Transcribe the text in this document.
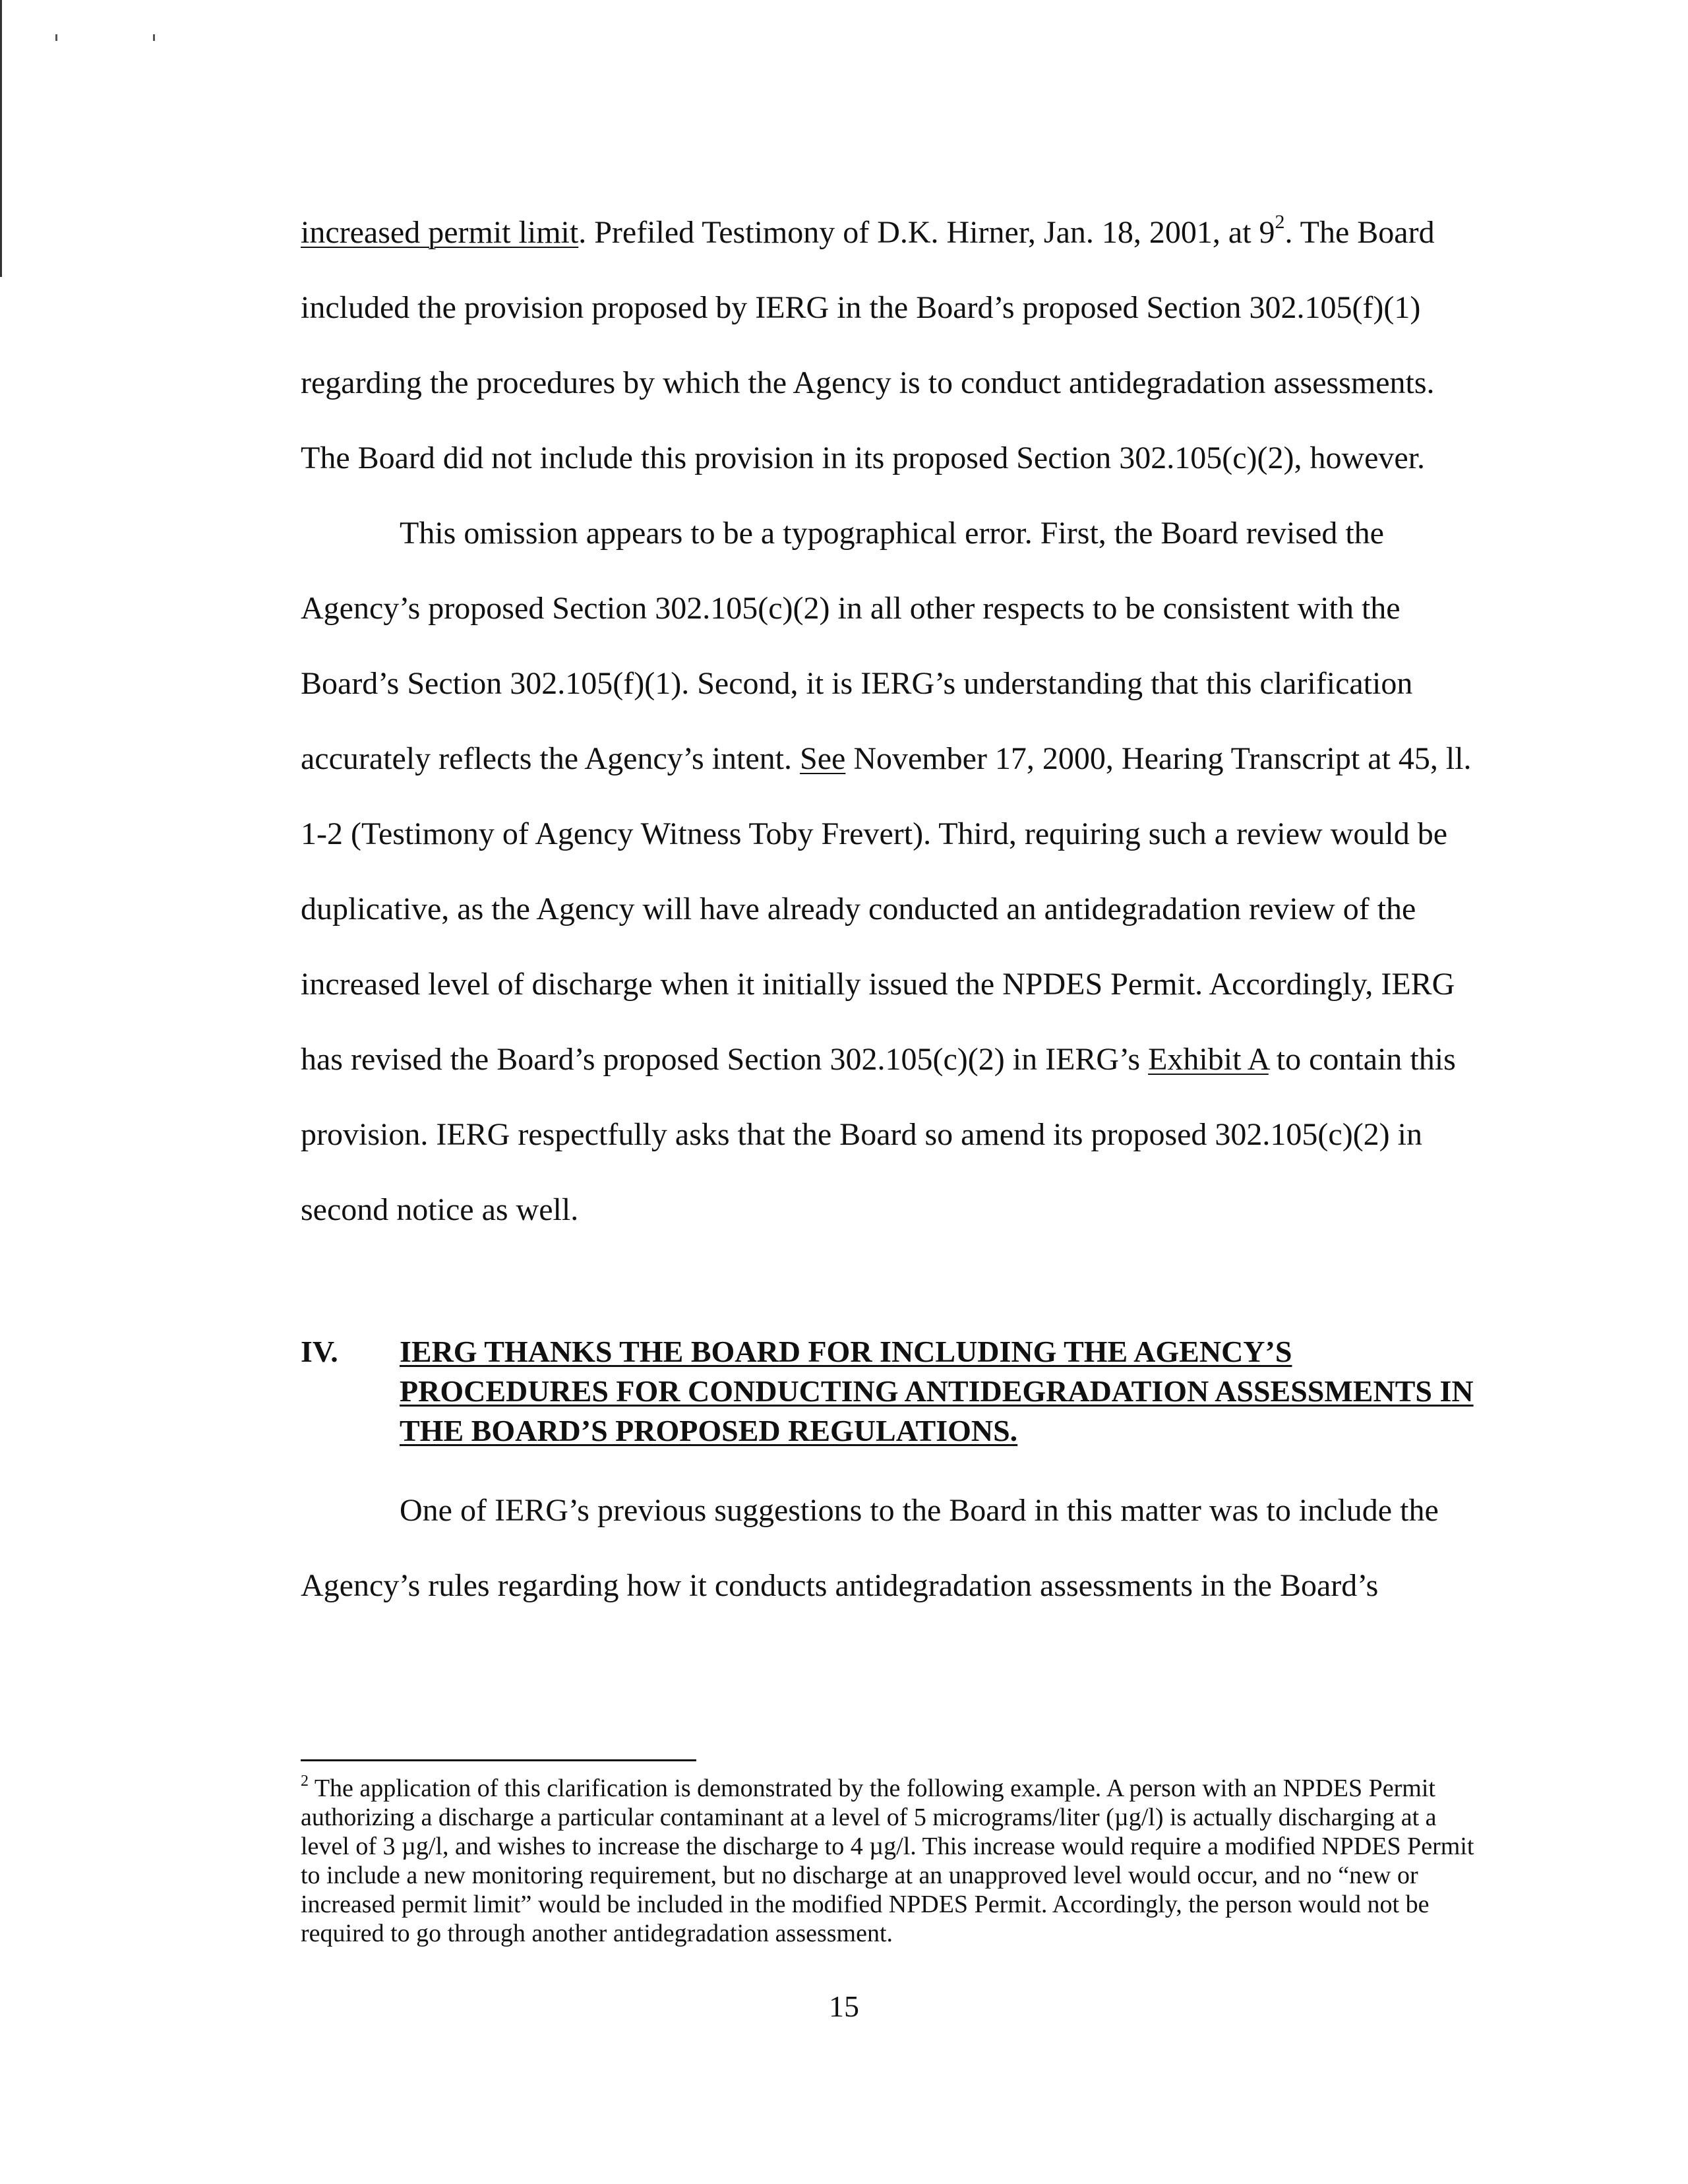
increased permit limit. Prefiled Testimony of D.K. Hirner, Jan. 18, 2001, at $9^2$. The Board included the provision proposed by IERG in the Board’s proposed Section 302.105(f)(1) regarding the procedures by which the Agency is to conduct antidegradation assessments. The Board did not include this provision in its proposed Section 302.105(c)(2), however.

This omission appears to be a typographical error. First, the Board revised the Agency’s proposed Section 302.105(c)(2) in all other respects to be consistent with the Board’s Section 302.105(f)(1). Second, it is IERG’s understanding that this clarification accurately reflects the Agency’s intent. See November 17, 2000, Hearing Transcript at 45, ll. 1-2 (Testimony of Agency Witness Toby Frevert). Third, requiring such a review would be duplicative, as the Agency will have already conducted an antidegradation review of the increased level of discharge when it initially issued the NPDES Permit. Accordingly, IERG has revised the Board’s proposed Section 302.105(c)(2) in IERG’s Exhibit A to contain this provision. IERG respectfully asks that the Board so amend its proposed 302.105(c)(2) in second notice as well.

IV. IERG THANKS THE BOARD FOR INCLUDING THE AGENCY’S PROCEDURES FOR CONDUCTING ANTIDEGRADATION ASSESSMENTS IN THE BOARD’S PROPOSED REGULATIONS.

One of IERG’s previous suggestions to the Board in this matter was to include the Agency’s rules regarding how it conducts antidegradation assessments in the Board’s

$^2$ The application of this clarification is demonstrated by the following example. A person with an NPDES Permit authorizing a discharge a particular contaminant at a level of 5 micrograms/liter (µg/l) is actually discharging at a level of 3 µg/l, and wishes to increase the discharge to 4 µg/l. This increase would require a modified NPDES Permit to include a new monitoring requirement, but no discharge at an unapproved level would occur, and no “new or increased permit limit” would be included in the modified NPDES Permit. Accordingly, the person would not be required to go through another antidegradation assessment.
15
